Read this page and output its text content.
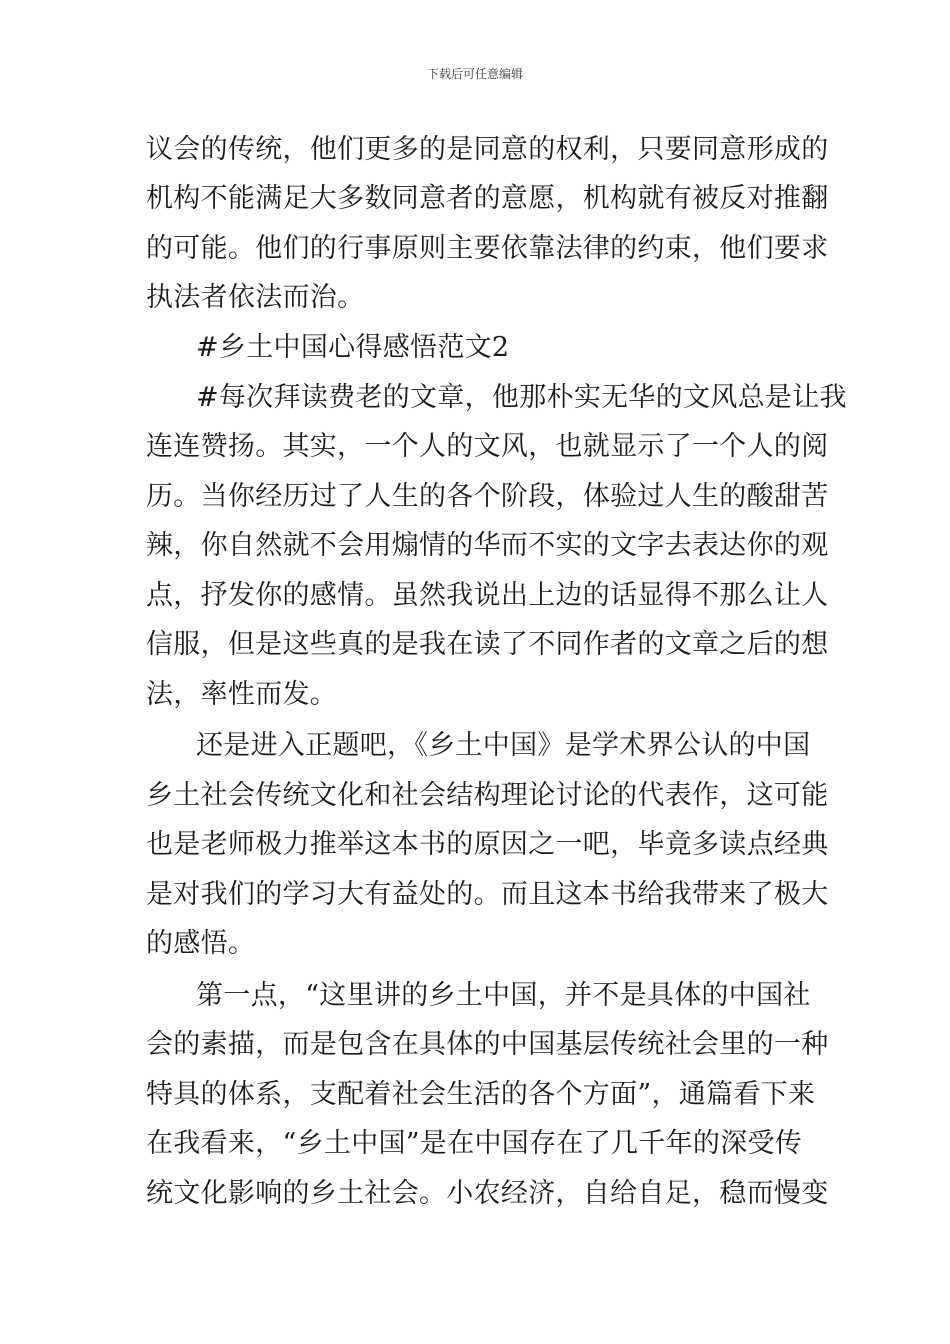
下载后可任意编辑
议会的传统，他们更多的是同意的权利，只要同意形成的
机构不能满足大多数同意者的意愿，机构就有被反对推翻
的可能。他们的行事原则主要依靠法律的约束，他们要求
执法者依法而治。
#乡土中国心得感悟范文2
#每次拜读费老的文章，他那朴实无华的文风总是让我
连连赞扬。其实，一个人的文风，也就显示了一个人的阅
历。当你经历过了人生的各个阶段，体验过人生的酸甜苦
辣，你自然就不会用煽情的华而不实的文字去表达你的观
点，抒发你的感情。虽然我说出上边的话显得不那么让人
信服，但是这些真的是我在读了不同作者的文章之后的想
法，率性而发。
还是进入正题吧，《乡土中国》是学术界公认的中国
乡土社会传统文化和社会结构理论讨论的代表作，这可能
也是老师极力推举这本书的原因之一吧，毕竟多读点经典
是对我们的学习大有益处的。而且这本书给我带来了极大
的感悟。
第一点，“这里讲的乡土中国，并不是具体的中国社
会的素描，而是包含在具体的中国基层传统社会里的一种
特具的体系，支配着社会生活的各个方面”，通篇看下来
在我看来，“乡土中国”是在中国存在了几千年的深受传
统文化影响的乡土社会。小农经济，自给自足，稳而慢变
